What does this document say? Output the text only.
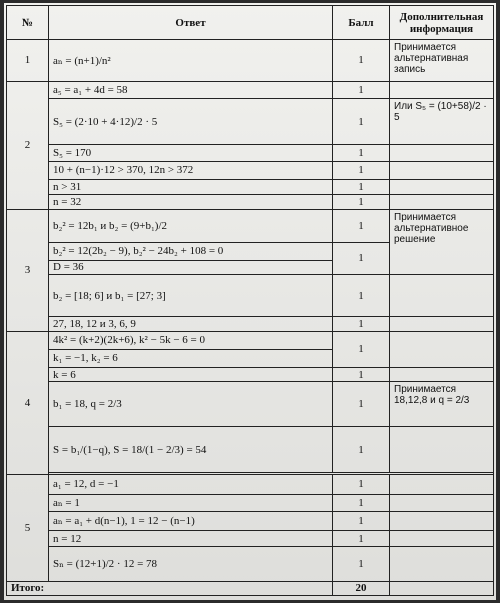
№	Ответ	Балл	Дополнительная информация
1	aₙ = (n+1)/n²	1	Принимается альтернативная запись
2	a₅ = a₁ + 4d = 58	1	
	S₅ = (2·10 + 4·12)/2 · 5	1	Или S₅ = (10+58)/2 · 5
	S₅ = 170	1	
	10 + (n−1)·12 > 370, 12n > 372	1	
	n > 31	1	
	n = 32	1	
3	b₂² = 12b₁ и b₂ = (9+b₁)/2	1	Принимается альтернативное решение
	b₂² = 12(2b₂ − 9), b₂² − 24b₂ + 108 = 0	1	
	D = 36		
	b₂ = [18; 6] и b₁ = [27; 3]	1	
	27, 18, 12 и 3, 6, 9	1	
4	4k² = (k+2)(2k+6), k² − 5k − 6 = 0	1	
	k₁ = −1, k₂ = 6		
	k = 6	1	
	b₁ = 18, q = 2/3	1	Принимается 18,12,8 и q = 2/3
	S = b₁/(1−q), S = 18/(1 − 2/3) = 54	1	

5	a₁ = 12, d = −1	1	
	aₙ = 1	1	
	aₙ = a₁ + d(n−1), 1 = 12 − (n−1)	1	
	n = 12	1	
	Sₙ = (12+1)/2 · 12 = 78	1	
Итого:		20	
